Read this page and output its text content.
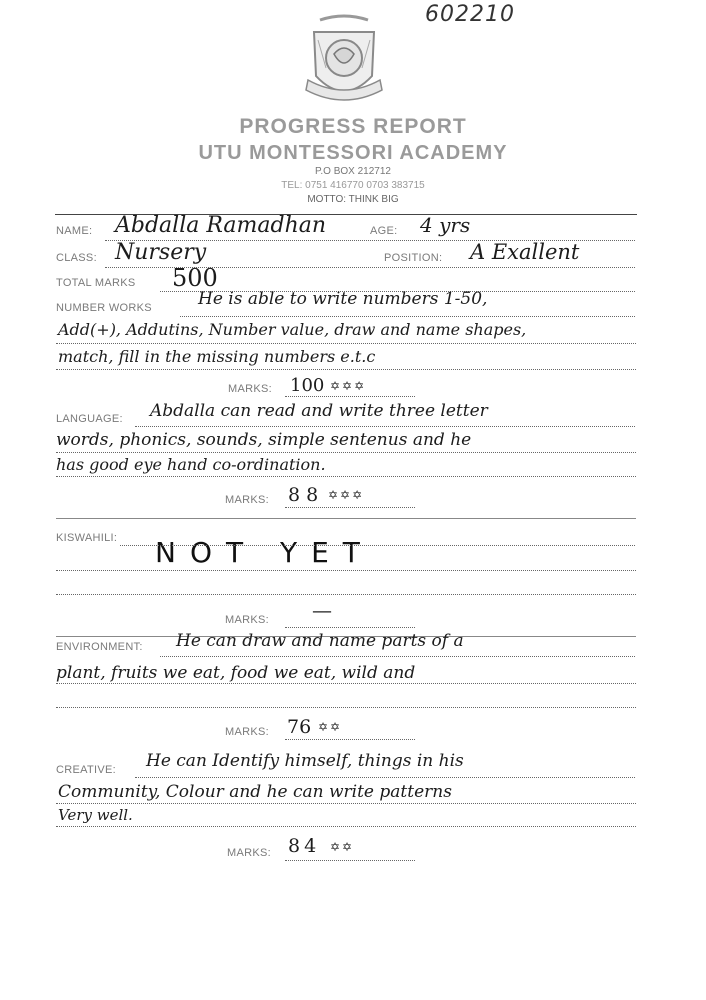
602210
PROGRESS REPORT
UTU MONTESSORI ACADEMY
P.O BOX 212712
TEL: 0751 416770 0703 383715
MOTTO: THINK BIG
NAME: Abdalla Ramadhan	AGE: 4 yrs
CLASS: Nursery	POSITION: A Exallent
TOTAL MARKS 500
NUMBER WORKS	He is able to write numbers 1-50,
Add(+), Addutins, Number value, draw and name shapes,
match, fill in the missing numbers e.t.c
MARKS: 100 ✡✡✡
LANGUAGE: Abdalla can read and write three letter
words, phonics, sounds, simple sentenus and he
has good eye hand co-ordination.
MARKS: 88 ✡✡✡
KISWAHILI: NOT YET
MARKS: —
ENVIRONMENT: He can draw and name parts of a
plant, fruits we eat, food we eat, wild and
MARKS: 76 ✡✡
CREATIVE: He can Identify himself, things in his
Community, Colour and he can write patterns
Very well.
MARKS: 84 ✡✡
